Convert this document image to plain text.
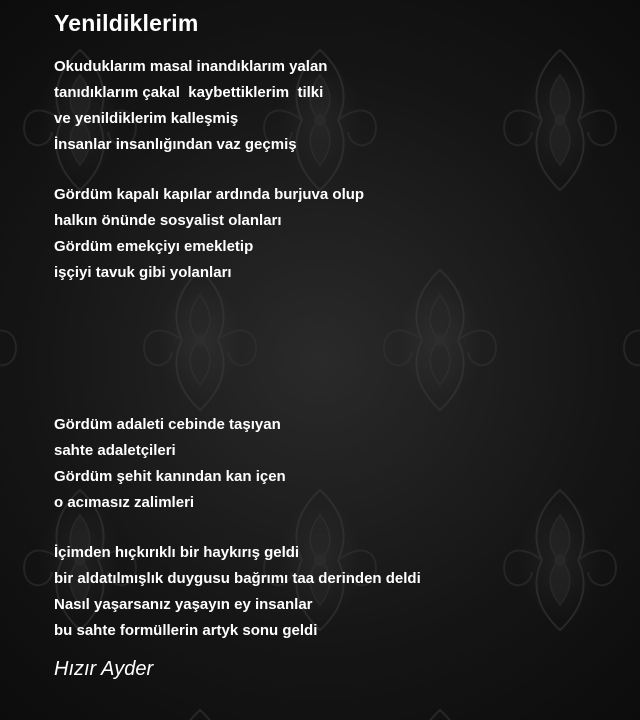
Yenildiklerim
Okuduklarım masal inandıklarım yalan
tanıdıklarım çakal  kaybettiklerim  tilki
ve yenildiklerim kalleşmiş
İnsanlar insanlığından vaz geçmiş
Gördüm kapalı kapılar ardında burjuva olup
halkın önünde sosyalist olanları
Gördüm emekçiyı emekletip
işçiyi tavuk gibi yolanları
Gördüm adaleti cebinde taşıyan
sahte adaletçileri
Gördüm şehit kanından kan içen
o acımasız zalimleri
İçimden hıçkırıklı bir haykırış geldi
bir aldatılmışlık duygusu bağrımı taa derinden deldi
Nasıl yaşarsanız yaşayın ey insanlar
bu sahte formüllerin artyk sonu geldi
Hızır Ayder
